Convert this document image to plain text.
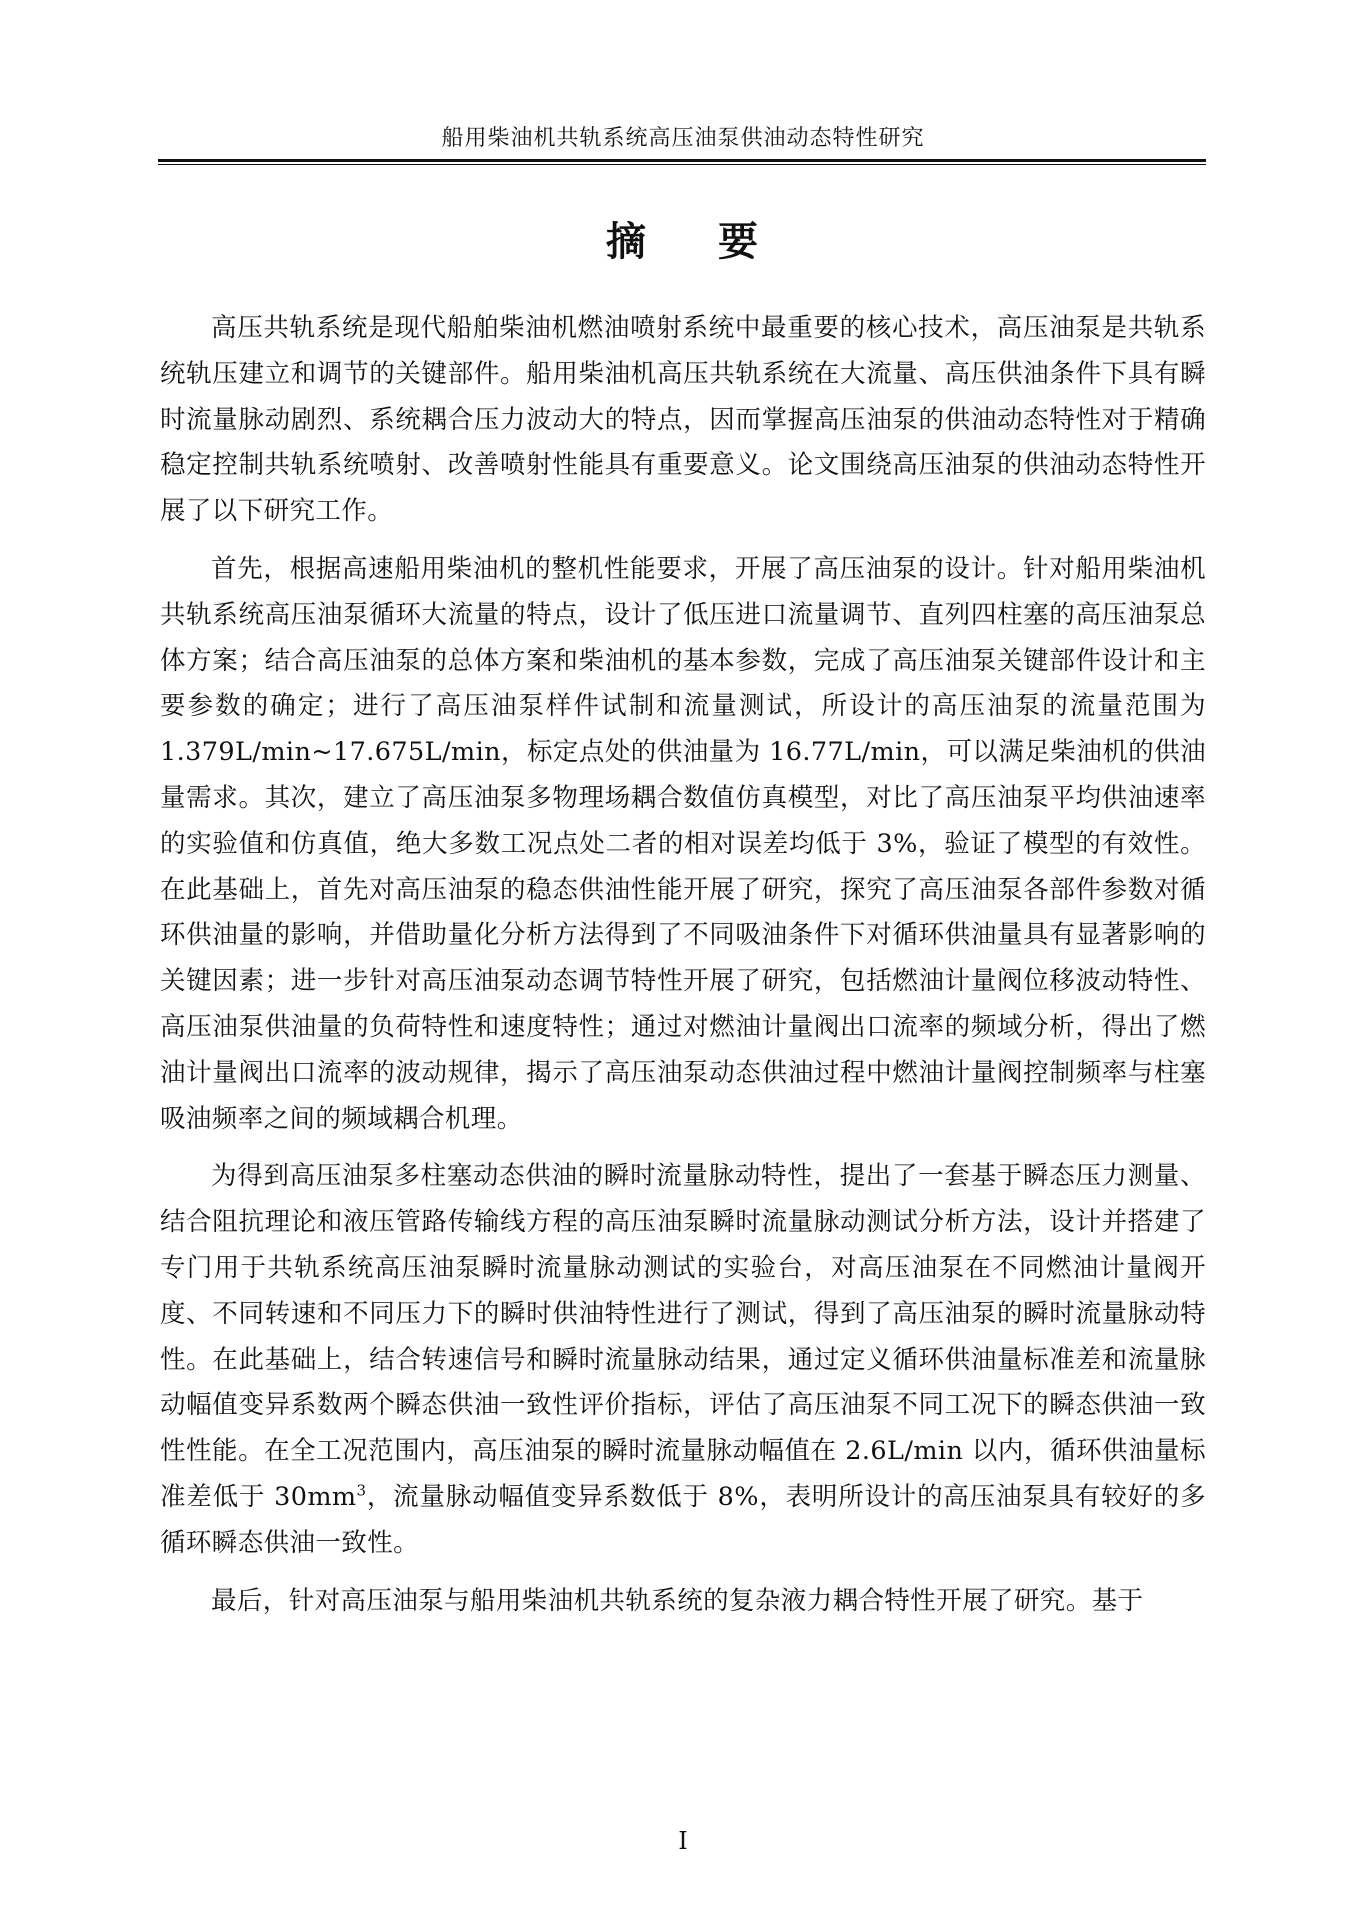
船用柴油机共轨系统高压油泵供油动态特性研究
摘 要

高压共轨系统是现代船舶柴油机燃油喷射系统中最重要的核心技术，高压油泵是共轨系统轨压建立和调节的关键部件。船用柴油机高压共轨系统在大流量、高压供油条件下具有瞬时流量脉动剧烈、系统耦合压力波动大的特点，因而掌握高压油泵的供油动态特性对于精确稳定控制共轨系统喷射、改善喷射性能具有重要意义。论文围绕高压油泵的供油动态特性开展了以下研究工作。

首先，根据高速船用柴油机的整机性能要求，开展了高压油泵的设计。针对船用柴油机共轨系统高压油泵循环大流量的特点，设计了低压进口流量调节、直列四柱塞的高压油泵总体方案；结合高压油泵的总体方案和柴油机的基本参数，完成了高压油泵关键部件设计和主要参数的确定；进行了高压油泵样件试制和流量测试，所设计的高压油泵的流量范围为 1.379L/min~17.675L/min，标定点处的供油量为 16.77L/min，可以满足柴油机的供油量需求。其次，建立了高压油泵多物理场耦合数值仿真模型，对比了高压油泵平均供油速率的实验值和仿真值，绝大多数工况点处二者的相对误差均低于 3%，验证了模型的有效性。在此基础上，首先对高压油泵的稳态供油性能开展了研究，探究了高压油泵各部件参数对循环供油量的影响，并借助量化分析方法得到了不同吸油条件下对循环供油量具有显著影响的关键因素；进一步针对高压油泵动态调节特性开展了研究，包括燃油计量阀位移波动特性、高压油泵供油量的负荷特性和速度特性；通过对燃油计量阀出口流率的频域分析，得出了燃油计量阀出口流率的波动规律，揭示了高压油泵动态供油过程中燃油计量阀控制频率与柱塞吸油频率之间的频域耦合机理。

为得到高压油泵多柱塞动态供油的瞬时流量脉动特性，提出了一套基于瞬态压力测量、结合阻抗理论和液压管路传输线方程的高压油泵瞬时流量脉动测试分析方法，设计并搭建了专门用于共轨系统高压油泵瞬时流量脉动测试的实验台，对高压油泵在不同燃油计量阀开度、不同转速和不同压力下的瞬时供油特性进行了测试，得到了高压油泵的瞬时流量脉动特性。在此基础上，结合转速信号和瞬时流量脉动结果，通过定义循环供油量标准差和流量脉动幅值变异系数两个瞬态供油一致性评价指标，评估了高压油泵不同工况下的瞬态供油一致性性能。在全工况范围内，高压油泵的瞬时流量脉动幅值在 2.6L/min 以内，循环供油量标准差低于 $30mm^3$，流量脉动幅值变异系数低于 8%，表明所设计的高压油泵具有较好的多循环瞬态供油一致性。

最后，针对高压油泵与船用柴油机共轨系统的复杂液力耦合特性开展了研究。基于

I
